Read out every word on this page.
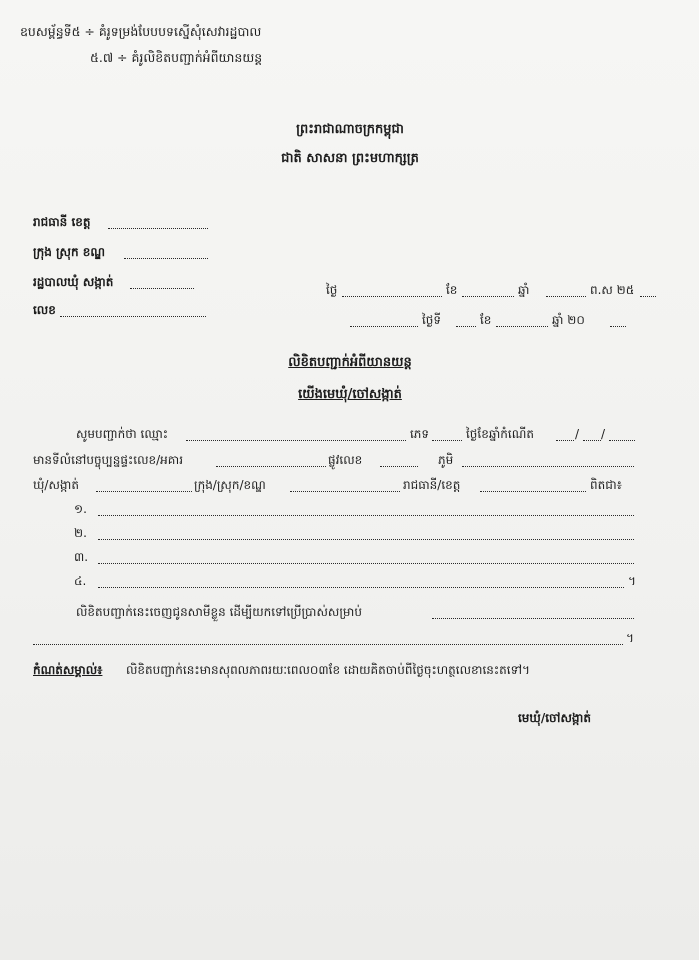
ឧបសម្ព័ន្ធទី៥ ÷ គំរូទម្រង់បែបបទស្នើសុំសេវារដ្ឋបាល
៥.៧ ÷ គំរូលិខិតបញ្ជាក់អំពីយានយន្ត
ព្រះរាជាណាចក្រកម្ពុជា
ជាតិ សាសនា ព្រះមហាក្សត្រ
រាជធានី ខេត្ត
ក្រុង ស្រុក ខណ្ឌ
រដ្ឋបាលឃុំ សង្កាត់
លេខ
ថ្ងៃ	ខែ	ឆ្នាំ	ព.ស ២៥
ថ្ងៃទី	ខែ	ឆ្នាំ ២០
លិខិតបញ្ជាក់អំពីយានយន្ត
យើងមេឃុំ/ចៅសង្កាត់
សូមបញ្ជាក់ថា ឈ្មោះ	ភេទ	ថ្ងៃខែឆ្នាំកំណើត	/ /
មានទីលំនៅបច្ចុប្បន្នផ្ទះលេខ/អគារ	ផ្លូវលេខ	ភូមិ
ឃុំ/សង្កាត់	ក្រុង/ស្រុក/ខណ្ឌ	រាជធានី/ខេត្ត	ពិតជា៖
១.
២.
៣.
៤.	។
លិខិតបញ្ជាក់នេះចេញជូនសាមីខ្លួន ដើម្បីយកទៅប្រើប្រាស់សម្រាប់
។
កំណត់សម្គាល់៖ លិខិតបញ្ជាក់នេះមានសុពលភាពរយៈពេល០៣ខែ ដោយគិតចាប់ពីថ្ងៃចុះហត្ថលេខានេះតទៅ។
មេឃុំ/ចៅសង្កាត់
